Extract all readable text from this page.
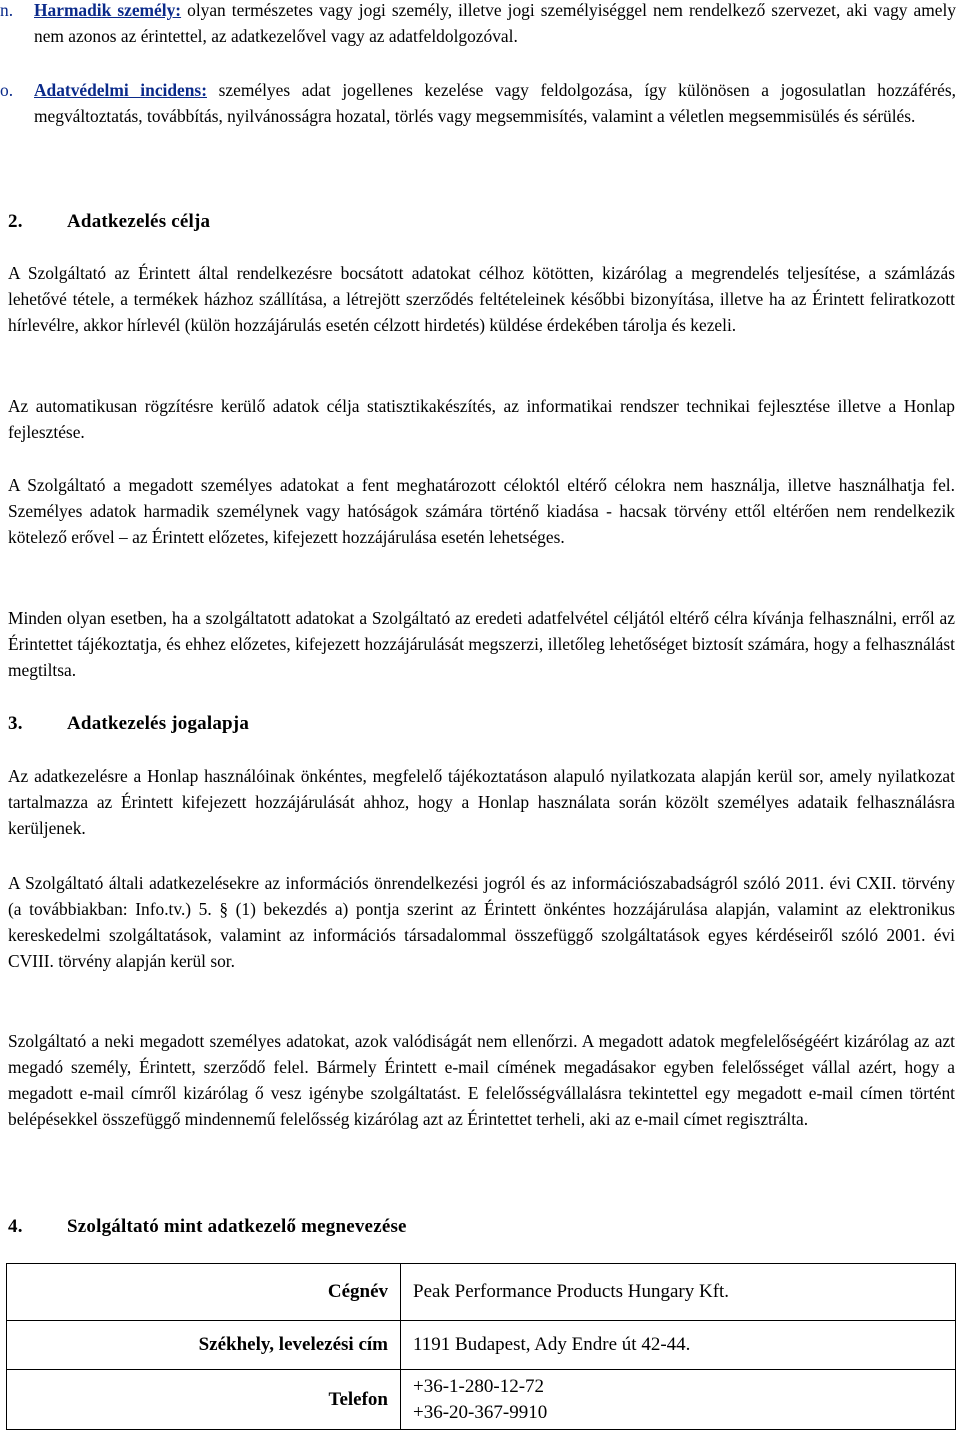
n. Harmadik személy: olyan természetes vagy jogi személy, illetve jogi személyiséggel nem rendelkező szervezet, aki vagy amely nem azonos az érintettel, az adatkezelővel vagy az adatfeldolgozóval.
o. Adatvédelmi incidens: személyes adat jogellenes kezelése vagy feldolgozása, így különösen a jogosulatlan hozzáférés, megváltoztatás, továbbítás, nyilvánosságra hozatal, törlés vagy megsemmisítés, valamint a véletlen megsemmisülés és sérülés.
2. Adatkezelés célja
A Szolgáltató az Érintett által rendelkezésre bocsátott adatokat célhoz kötötten, kizárólag a megrendelés teljesítése, a számlázás lehetővé tétele, a termékek házhoz szállítása, a létrejött szerződés feltételeinek későbbi bizonyítása, illetve ha az Érintett feliratkozott hírlevélre, akkor hírlevél (külön hozzájárulás esetén célzott hirdetés) küldése érdekében tárolja és kezeli.
Az automatikusan rögzítésre kerülő adatok célja statisztikakészítés, az informatikai rendszer technikai fejlesztése illetve a Honlap fejlesztése.
A Szolgáltató a megadott személyes adatokat a fent meghatározott céloktól eltérő célokra nem használja, illetve használhatja fel. Személyes adatok harmadik személynek vagy hatóságok számára történő kiadása - hacsak törvény ettől eltérően nem rendelkezik kötelező erővel – az Érintett előzetes, kifejezett hozzájárulása esetén lehetséges.
Minden olyan esetben, ha a szolgáltatott adatokat a Szolgáltató az eredeti adatfelvétel céljától eltérő célra kívánja felhasználni, erről az Érintettet tájékoztatja, és ehhez előzetes, kifejezett hozzájárulását megszerzi, illetőleg lehetőséget biztosít számára, hogy a felhasználást megtiltsa.
3. Adatkezelés jogalapja
Az adatkezelésre a Honlap használóinak önkéntes, megfelelő tájékoztatáson alapuló nyilatkozata alapján kerül sor, amely nyilatkozat tartalmazza az Érintett kifejezett hozzájárulását ahhoz, hogy a Honlap használata során közölt személyes adataik felhasználásra kerüljenek.
A Szolgáltató általi adatkezelésekre az információs önrendelkezési jogról és az információszabadságról szóló 2011. évi CXII. törvény (a továbbiakban: Info.tv.) 5. § (1) bekezdés a) pontja szerint az Érintett önkéntes hozzájárulása alapján, valamint az elektronikus kereskedelmi szolgáltatások, valamint az információs társadalommal összefüggő szolgáltatások egyes kérdéseiről szóló 2001. évi CVIII. törvény alapján kerül sor.
Szolgáltató a neki megadott személyes adatokat, azok valódiságát nem ellenőrzi. A megadott adatok megfelelőségéért kizárólag az azt megadó személy, Érintett, szerződő felel. Bármely Érintett e-mail címének megadásakor egyben felelősséget vállal azért, hogy a megadott e-mail címről kizárólag ő vesz igénybe szolgáltatást. E felelősségvállalásra tekintettel egy megadott e-mail címen történt belépésekkel összefüggő mindennemű felelősség kizárólag azt az Érintettet terheli, aki az e-mail címet regisztrálta.
4. Szolgáltató mint adatkezelő megnevezése
Cégnév	Peak Performance Products Hungary Kft.
Székhely, levelezési cím	1191 Budapest, Ady Endre út 42-44.
Telefon	+36-1-280-12-72
+36-20-367-9910
